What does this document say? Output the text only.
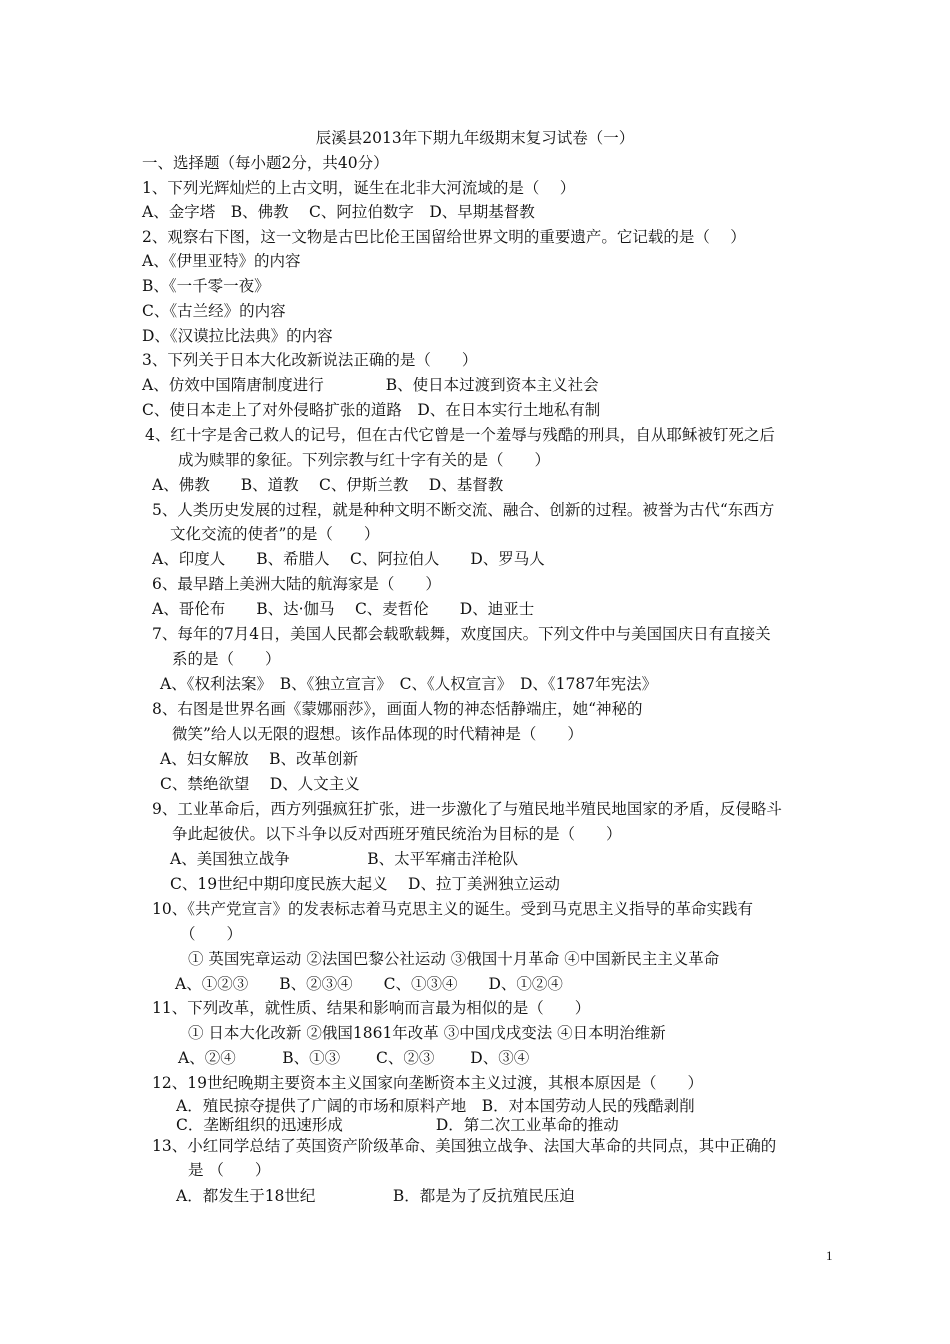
辰溪县2013年下期九年级期末复习试卷（一）
一、选择题（每小题2分，共40分）
1、下列光辉灿烂的上古文明，诞生在北非大河流域的是（　 ）
A、金字塔　B、佛教　 C、阿拉伯数字　D、早期基督教
2、观察右下图，这一文物是古巴比伦王国留给世界文明的重要遗产。它记载的是（　 ）
A、《伊里亚特》的内容
B、《一千零一夜》
C、《古兰经》的内容
D、《汉谟拉比法典》的内容
3、下列关于日本大化改新说法正确的是（　　）
A、仿效中国隋唐制度进行　　　　B、使日本过渡到资本主义社会
C、使日本走上了对外侵略扩张的道路　D、在日本实行土地私有制
4、红十字是舍己救人的记号，但在古代它曾是一个羞辱与残酷的刑具，自从耶稣被钉死之后
成为赎罪的象征。下列宗教与红十字有关的是（　　）
A、佛教　　B、道教　 C、伊斯兰教　 D、基督教
5、人类历史发展的过程，就是种种文明不断交流、融合、创新的过程。被誉为古代“东西方
文化交流的使者”的是（　　）
A、印度人　　B、希腊人　 C、阿拉伯人　　D、罗马人
6、最早踏上美洲大陆的航海家是（　　）
A、哥伦布　　B、达·伽马　 C、麦哲伦　　D、迪亚士
7、每年的7月4日，美国人民都会载歌载舞，欢度国庆。下列文件中与美国国庆日有直接关
系的是（　　）
A、《权利法案》　B、《独立宣言》　C、《人权宣言》　D、《1787年宪法》
8、右图是世界名画《蒙娜丽莎》，画面人物的神态恬静端庄，她“神秘的
微笑”给人以无限的遐想。该作品体现的时代精神是（　　）
A、妇女解放　 B、改革创新
C、禁绝欲望　 D、人文主义
9、工业革命后，西方列强疯狂扩张，进一步激化了与殖民地半殖民地国家的矛盾，反侵略斗
争此起彼伏。以下斗争以反对西班牙殖民统治为目标的是（　　）
A、美国独立战争　　　　　B、太平军痛击洋枪队
C、19世纪中期印度民族大起义　 D、拉丁美洲独立运动
10、《共产党宣言》的发表标志着马克思主义的诞生。受到马克思主义指导的革命实践有
（　　）
① 英国宪章运动 ②法国巴黎公社运动 ③俄国十月革命 ④中国新民主主义革命
A、①②③　　B、②③④　　C、①③④　　D、①②④
11、下列改革，就性质、结果和影响而言最为相似的是（　　）
① 日本大化改新 ②俄国1861年改革 ③中国戊戌变法 ④日本明治维新
A、②④　　　B、①③　　 C、②③　　 D、③④
12、19世纪晚期主要资本主义国家向垄断资本主义过渡，其根本原因是（　　）
A．殖民掠夺提供了广阔的市场和原料产地　B．对本国劳动人民的残酷剥削
C．垄断组织的迅速形成　　　　　　D．第二次工业革命的推动
13、小红同学总结了英国资产阶级革命、美国独立战争、法国大革命的共同点，其中正确的
是 （　　）
A．都发生于18世纪　　　　　B．都是为了反抗殖民压迫
1
